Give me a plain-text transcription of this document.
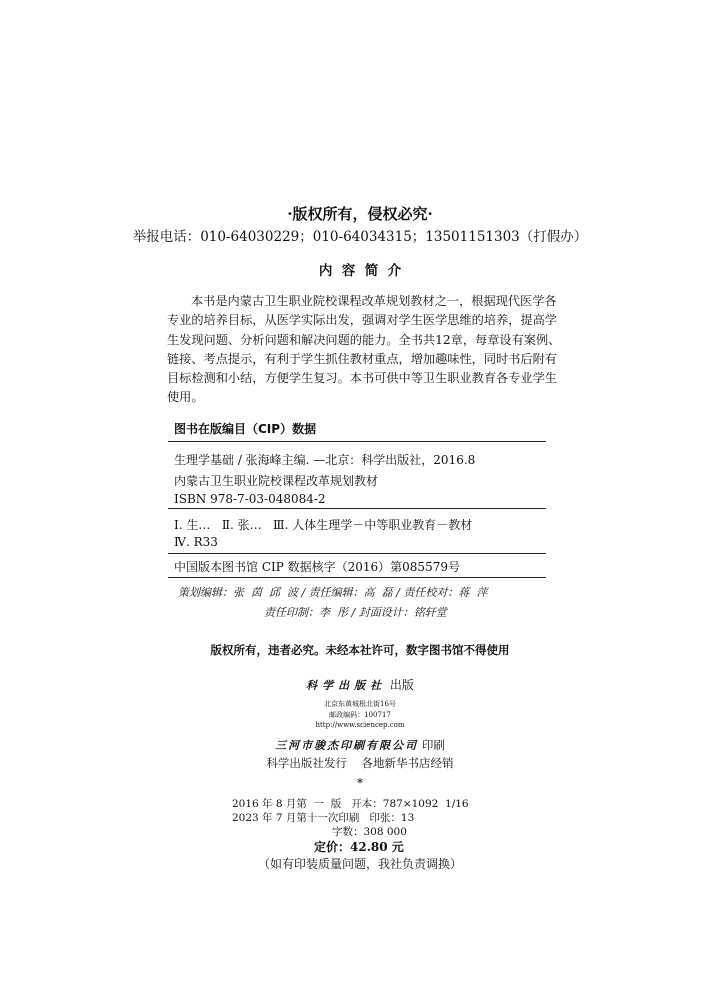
·版权所有，侵权必究·
举报电话：010-64030229；010-64034315；13501151303（打假办）
内  容  简  介
本书是内蒙古卫生职业院校课程改革规划教材之一，根据现代医学各
专业的培养目标，从医学实际出发，强调对学生医学思维的培养，提高学
生发现问题、分析问题和解决问题的能力。全书共12章，每章设有案例、
链接、考点提示，有利于学生抓住教材重点，增加趣味性，同时书后附有
目标检测和小结，方便学生复习。本书可供中等卫生职业教育各专业学生
使用。
图书在版编目（CIP）数据
生理学基础 / 张海峰主编. —北京：科学出版社，2016.8
内蒙古卫生职业院校课程改革规划教材
ISBN 978-7-03-048084-2
Ⅰ. 生…   Ⅱ. 张…   Ⅲ. 人体生理学－中等职业教育－教材
Ⅳ. R33
中国版本图书馆 CIP 数据核字（2016）第085579号
策划编辑：张  茵  邱  波 / 责任编辑：高  磊 / 责任校对：蒋  萍
责任印制：李  彤 / 封面设计：铭轩堂
版权所有，违者必究。未经本社许可，数字图书馆不得使用
科学出版社 出版
北京东黄城根北街16号
邮政编码：100717
http://www.sciencep.com
三河市骏杰印刷有限公司 印刷
科学出版社发行    各地新华书店经销
*
2016 年 8 月第  一  版   开本：787×1092  1/16
2023 年 7 月第十一次印刷   印张：13
字数：308 000
定价：42.80 元
（如有印装质量问题，我社负责调换）
